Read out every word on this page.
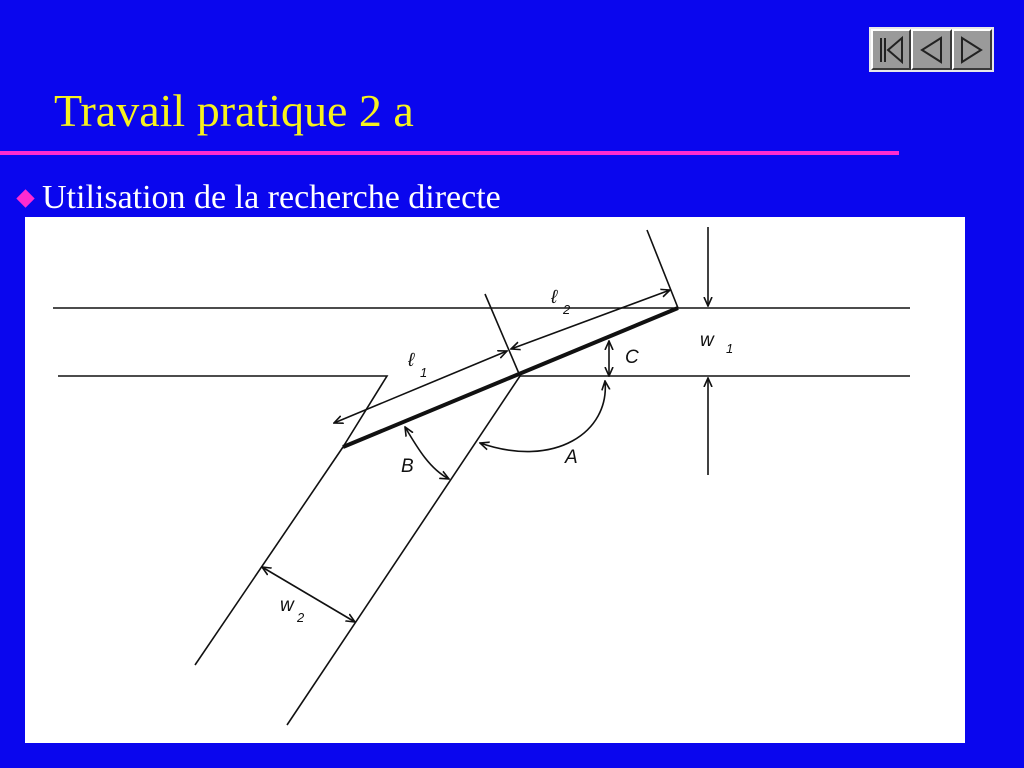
Travail pratique 2 a
Utilisation de la recherche directe
ℓ
2
ℓ
1
w 1
C
A
B
w
2
